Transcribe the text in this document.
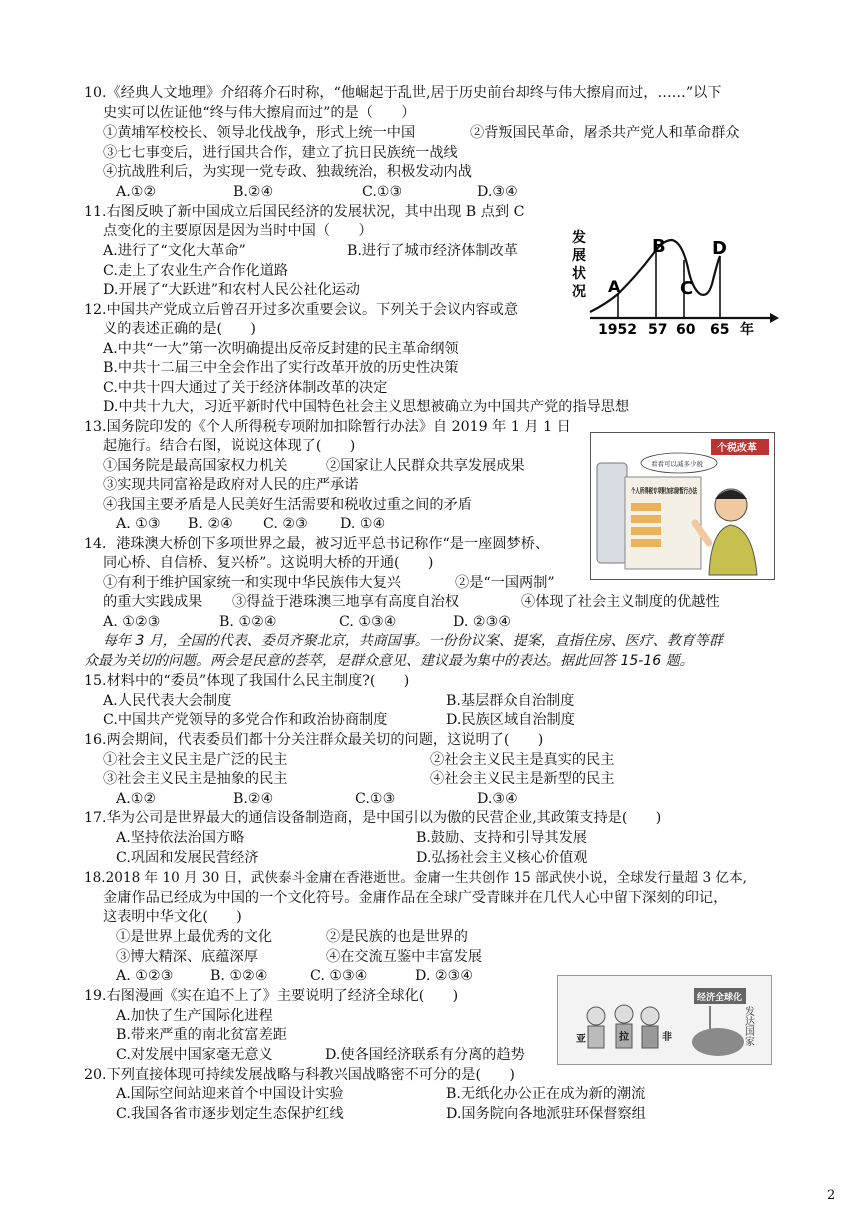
10.《经典人文地理》介绍蒋介石时称，“他崛起于乱世,居于历史前台却终与伟大擦肩而过，……”以下
史实可以佐证他“终与伟大擦肩而过”的是（　　）
①黄埔军校校长、领导北伐战争，形式上统一中国	②背叛国民革命，屠杀共产党人和革命群众
③七七事变后，进行国共合作，建立了抗日民族统一战线
④抗战胜利后，为实现一党专政、独裁统治，积极发动内战
A.①②	B.②④	C.①③	D.③④
11.右图反映了新中国成立后国民经济的发展状况，其中出现 B 点到 C
点变化的主要原因是因为当时中国（　　）
A.进行了“文化大革命”	B.进行了城市经济体制改革
C.走上了农业生产合作化道路
D.开展了“大跃进”和农村人民公社化运动
发
展
状
况 A
B
C
D
1952 57 60 65 年
12.中国共产党成立后曾召开过多次重要会议。下列关于会议内容或意
义的表述正确的是(　　)
A.中共“一大”第一次明确提出反帝反封建的民主革命纲领
B.中共十二届三中全会作出了实行改革开放的历史性决策
C.中共十四大通过了关于经济体制改革的决定
D.中共十九大，习近平新时代中国特色社会主义思想被确立为中国共产党的指导思想
13.国务院印发的《个人所得税专项附加扣除暂行办法》自 2019 年 1 月 1 日
起施行。结合右图，说说这体现了(　　)
①国务院是最高国家权力机关	②国家让人民群众共享发展成果
③实现共同富裕是政府对人民的庄严承诺
④我国主要矛盾是人民美好生活需要和税收过重之间的矛盾
A. ①③ B. ②④ C. ②③ D. ①④
个税改革
看看可以减多少税
个人所得税专项附加扣除暂行办法
14．港珠澳大桥创下多项世界之最，被习近平总书记称作“是一座圆梦桥、
同心桥、自信桥、复兴桥”。这说明大桥的开通(　　)
①有利于维护国家统一和实现中华民族伟大复兴	②是“一国两制”
的重大实践成果 ③得益于港珠澳三地享有高度自治权	④体现了社会主义制度的优越性
A. ①②③	B. ①②④	C. ①③④	D. ②③④
每年 3 月，全国的代表、委员齐聚北京，共商国事。一份份议案、提案，直指住房、医疗、教育等群
众最为关切的问题。两会是民意的荟萃，是群众意见、建议最为集中的表达。据此回答 15-16 题。
15.材料中的“委员”体现了我国什么民主制度?(　　)
A.人民代表大会制度	B.基层群众自治制度
C.中国共产党领导的多党合作和政治协商制度	D.民族区域自治制度
16.两会期间，代表委员们都十分关注群众最关切的问题，这说明了(　　)
①社会主义民主是广泛的民主	②社会主义民主是真实的民主
③社会主义民主是抽象的民主	④社会主义民主是新型的民主
A.①②	B.②④	C.①③	D.③④
17.华为公司是世界最大的通信设备制造商，是中国引以为傲的民营企业,其政策支持是(　　)
A.坚持依法治国方略	B.鼓励、支持和引导其发展
C.巩固和发展民营经济	D.弘扬社会主义核心价值观
18.2018 年 10 月 30 日，武侠泰斗金庸在香港逝世。金庸一生共创作 15 部武侠小说，全球发行量超 3 亿本,
金庸作品已经成为中国的一个文化符号。金庸作品在全球广受青睐并在几代人心中留下深刻的印记，
这表明中华文化(　　)
①是世界上最优秀的文化	②是民族的也是世界的
③博大精深、底蕴深厚	④在交流互鉴中丰富发展
A. ①②③	B. ①②④	C. ①③④	D. ②③④
19.右图漫画《实在追不上了》主要说明了经济全球化(　　)
A.加快了生产国际化进程
B.带来严重的南北贫富差距
C.对发展中国家毫无意义	D.使各国经济联系有分离的趋势
经济全球化
发达国家
亚	拉	非
20.下列直接体现可持续发展战略与科教兴国战略密不可分的是(　　)
A.国际空间站迎来首个中国设计实验	B.无纸化办公正在成为新的潮流
C.我国各省市逐步划定生态保护红线	D.国务院向各地派驻环保督察组
2
